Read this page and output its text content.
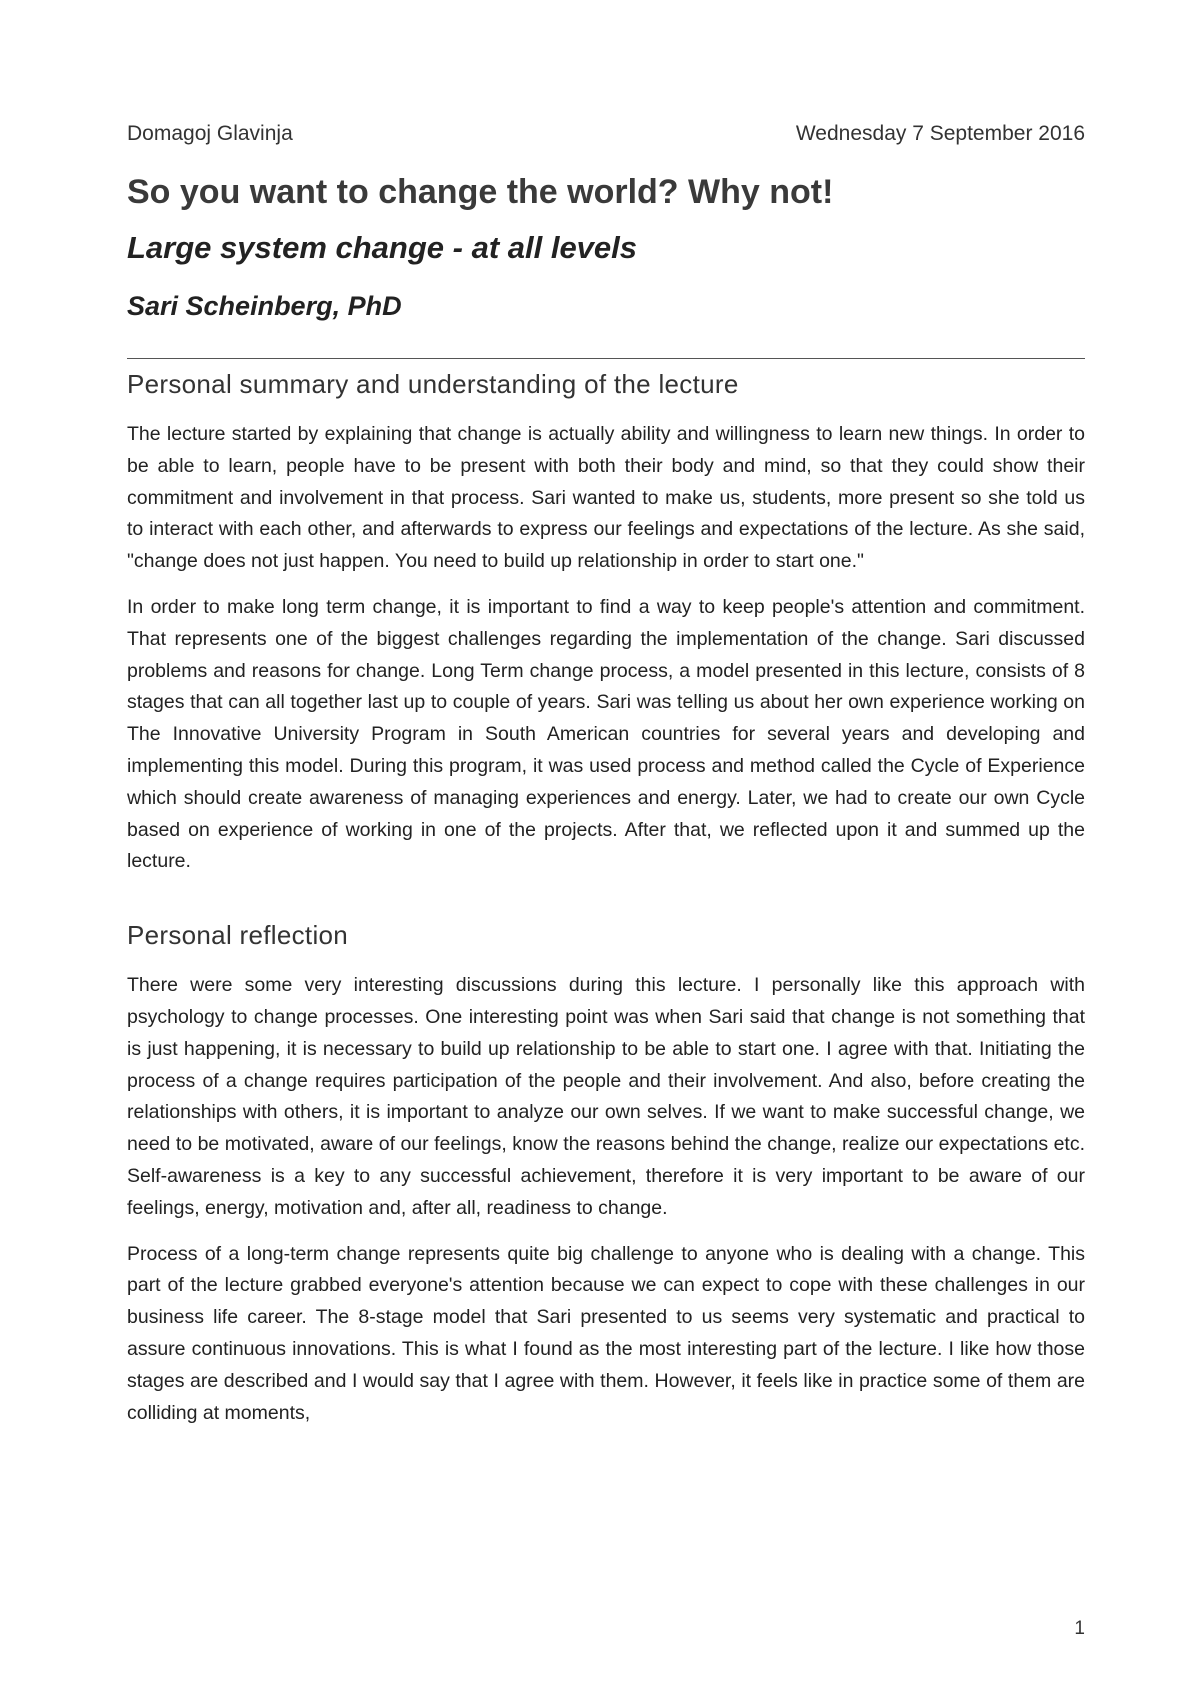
Domagoj Glavinja	Wednesday 7 September 2016
So you want to change the world? Why not!
Large system change - at all levels
Sari Scheinberg, PhD
Personal summary and understanding of the lecture

The lecture started by explaining that change is actually ability and willingness to learn new things. In order to be able to learn, people have to be present with both their body and mind, so that they could show their commitment and involvement in that process. Sari wanted to make us, students, more present so she told us to interact with each other, and afterwards to express our feelings and expectations of the lecture. As she said, "change does not just happen. You need to build up relationship in order to start one."

In order to make long term change, it is important to find a way to keep people's attention and commitment. That represents one of the biggest challenges regarding the implementation of the change. Sari discussed problems and reasons for change. Long Term change process, a model presented in this lecture, consists of 8 stages that can all together last up to couple of years. Sari was telling us about her own experience working on The Innovative University Program in South American countries for several years and developing and implementing this model. During this program, it was used process and method called the Cycle of Experience which should create awareness of managing experiences and energy. Later, we had to create our own Cycle based on experience of working in one of the projects. After that, we reflected upon it and summed up the lecture.

Personal reflection

There were some very interesting discussions during this lecture. I personally like this approach with psychology to change processes. One interesting point was when Sari said that change is not something that is just happening, it is necessary to build up relationship to be able to start one. I agree with that. Initiating the process of a change requires participation of the people and their involvement. And also, before creating the relationships with others, it is important to analyze our own selves. If we want to make successful change, we need to be motivated, aware of our feelings, know the reasons behind the change, realize our expectations etc. Self-awareness is a key to any successful achievement, therefore it is very important to be aware of our feelings, energy, motivation and, after all, readiness to change.

Process of a long-term change represents quite big challenge to anyone who is dealing with a change. This part of the lecture grabbed everyone's attention because we can expect to cope with these challenges in our business life career. The 8-stage model that Sari presented to us seems very systematic and practical to assure continuous innovations. This is what I found as the most interesting part of the lecture. I like how those stages are described and I would say that I agree with them. However, it feels like in practice some of them are colliding at moments,

1
